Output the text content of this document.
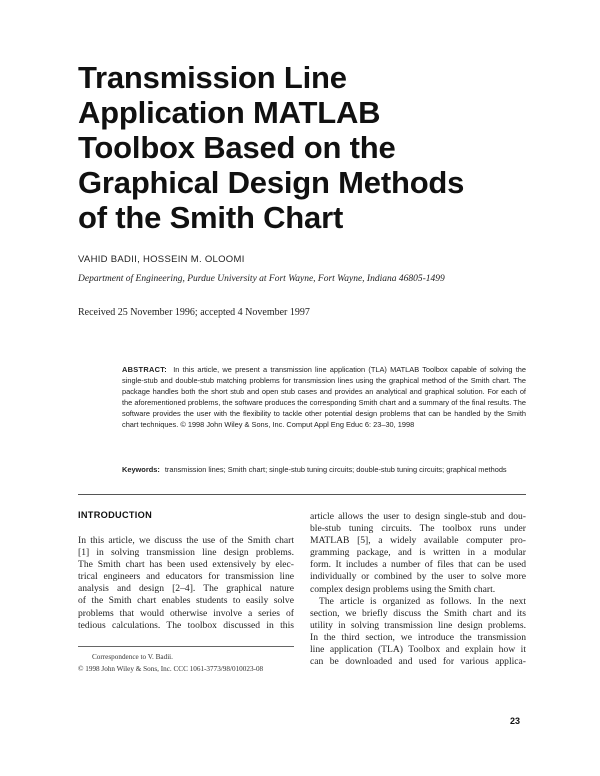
Transmission Line
Application MATLAB
Toolbox Based on the
Graphical Design Methods
of the Smith Chart
VAHID BADII, HOSSEIN M. OLOOMI
Department of Engineering, Purdue University at Fort Wayne, Fort Wayne, Indiana 46805-1499
Received 25 November 1996; accepted 4 November 1997
ABSTRACT: In this article, we present a transmission line application (TLA) MATLAB Toolbox capable of solving the single-stub and double-stub matching problems for transmission lines using the graphical method of the Smith chart. The package handles both the short stub and open stub cases and provides an analytical and graphical solution. For each of the aforementioned problems, the software produces the corresponding Smith chart and a summary of the final results. The software provides the user with the flexibility to tackle other potential design problems that can be handled by the Smith chart techniques. © 1998 John Wiley & Sons, Inc. Comput Appl Eng Educ 6: 23–30, 1998
Keywords: transmission lines; Smith chart; single-stub tuning circuits; double-stub tuning circuits; graphical methods
INTRODUCTION
In this article, we discuss the use of the Smith chart
[1] in solving transmission line design problems.
The Smith chart has been used extensively by elec-
trical engineers and educators for transmission line
analysis and design [2–4]. The graphical nature
of the Smith chart enables students to easily solve
problems that would otherwise involve a series of
tedious calculations. The toolbox discussed in this
article allows the user to design single-stub and dou-
ble-stub tuning circuits. The toolbox runs under
MATLAB [5], a widely available computer pro-
gramming package, and is written in a modular
form. It includes a number of files that can be used
individually or combined by the user to solve more
complex design problems using the Smith chart.
The article is organized as follows. In the next
section, we briefly discuss the Smith chart and its
utility in solving transmission line design problems.
In the third section, we introduce the transmission
line application (TLA) Toolbox and explain how it
can be downloaded and used for various applica-
Correspondence to V. Badii.
© 1998 John Wiley & Sons, Inc. CCC 1061-3773/98/010023-08
23
